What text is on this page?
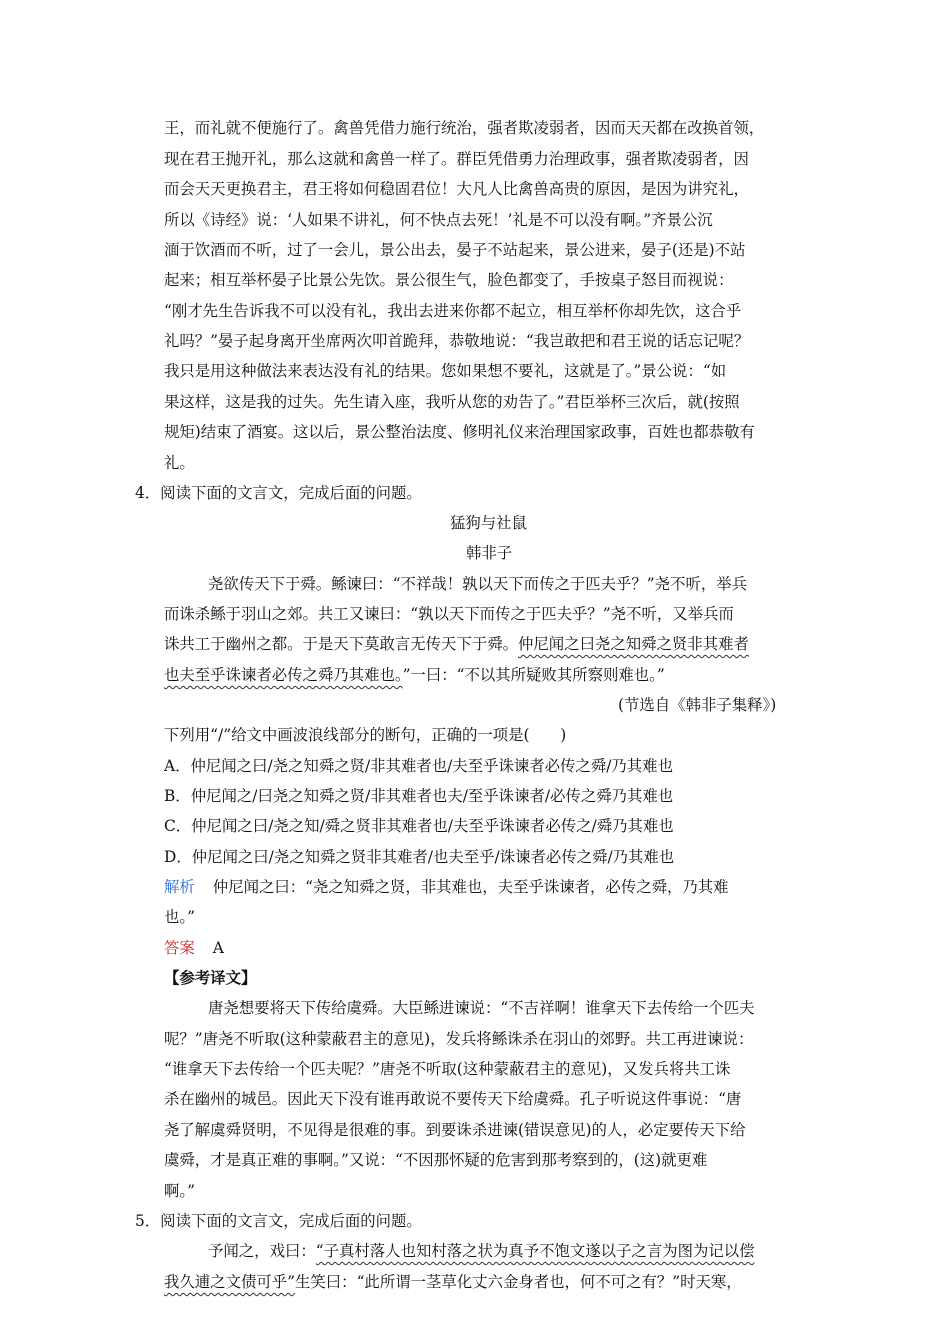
王，而礼就不便施行了。禽兽凭借力施行统治，强者欺凌弱者，因而天天都在改换首领，
现在君王抛开礼，那么这就和禽兽一样了。群臣凭借勇力治理政事，强者欺凌弱者，因
而会天天更换君主，君王将如何稳固君位！大凡人比禽兽高贵的原因，是因为讲究礼，
所以《诗经》说：‘人如果不讲礼，何不快点去死！’礼是不可以没有啊。”齐景公沉
湎于饮酒而不听，过了一会儿，景公出去，晏子不站起来，景公进来，晏子(还是)不站
起来；相互举杯晏子比景公先饮。景公很生气，脸色都变了，手按桌子怒目而视说：
“刚才先生告诉我不可以没有礼，我出去进来你都不起立，相互举杯你却先饮，这合乎
礼吗？”晏子起身离开坐席两次叩首跪拜，恭敬地说：“我岂敢把和君王说的话忘记呢？
我只是用这种做法来表达没有礼的结果。您如果想不要礼，这就是了。”景公说：“如
果这样，这是我的过失。先生请入座，我听从您的劝告了。”君臣举杯三次后，就(按照
规矩)结束了酒宴。这以后，景公整治法度、修明礼仪来治理国家政事，百姓也都恭敬有
礼。
4．阅读下面的文言文，完成后面的问题。
猛狗与社鼠
韩非子
尧欲传天下于舜。鲧谏曰：“不祥哉！孰以天下而传之于匹夫乎？”尧不听，举兵
而诛杀鲧于羽山之郊。共工又谏曰：“孰以天下而传之于匹夫乎？”尧不听，又举兵而
诛共工于幽州之都。于是天下莫敢言无传天下于舜。仲尼闻之曰尧之知舜之贤非其难者
也夫至乎诛谏者必传之舜乃其难也。”一曰：“不以其所疑败其所察则难也。”
(节选自《韩非子集释》)
下列用“/”给文中画波浪线部分的断句，正确的一项是(　　)
A．仲尼闻之曰/尧之知舜之贤/非其难者也/夫至乎诛谏者必传之舜/乃其难也
B．仲尼闻之/曰尧之知舜之贤/非其难者也夫/至乎诛谏者/必传之舜乃其难也
C．仲尼闻之曰/尧之知/舜之贤非其难者也/夫至乎诛谏者必传之/舜乃其难也
D．仲尼闻之曰/尧之知舜之贤非其难者/也夫至乎/诛谏者必传之舜/乃其难也
解析 仲尼闻之曰：“尧之知舜之贤，非其难也，夫至乎诛谏者，必传之舜，乃其难
也。”
答案 A
【参考译文】
唐尧想要将天下传给虞舜。大臣鲧进谏说：“不吉祥啊！谁拿天下去传给一个匹夫
呢？”唐尧不听取(这种蒙蔽君主的意见)，发兵将鲧诛杀在羽山的郊野。共工再进谏说：
“谁拿天下去传给一个匹夫呢？”唐尧不听取(这种蒙蔽君主的意见)，又发兵将共工诛
杀在幽州的城邑。因此天下没有谁再敢说不要传天下给虞舜。孔子听说这件事说：“唐
尧了解虞舜贤明，不见得是很难的事。到要诛杀进谏(错误意见)的人，必定要传天下给
虞舜，才是真正难的事啊。”又说：“不因那怀疑的危害到那考察到的，(这)就更难
啊。”
5．阅读下面的文言文，完成后面的问题。
予闻之，戏曰：“子真村落人也知村落之状为真予不饱文遂以子之言为图为记以偿
我久逋之文债可乎”生笑曰：“此所谓一茎草化丈六金身者也，何不可之有？”时天寒，
